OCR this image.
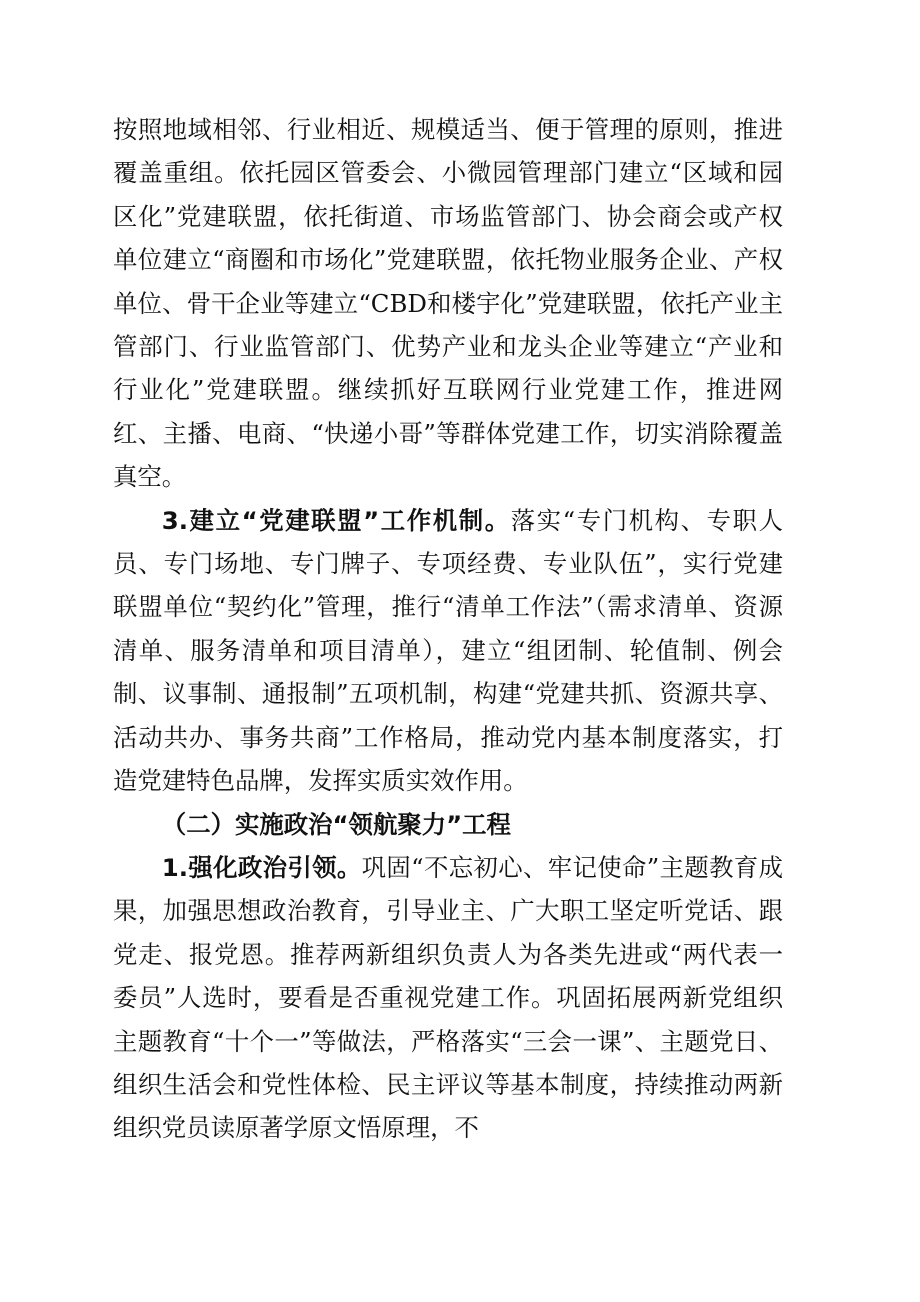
按照地域相邻、行业相近、规模适当、便于管理的原则，推进覆盖重组。依托园区管委会、小微园管理部门建立“区域和园区化”党建联盟，依托街道、市场监管部门、协会商会或产权单位建立“商圈和市场化”党建联盟，依托物业服务企业、产权单位、骨干企业等建立“CBD和楼宇化”党建联盟，依托产业主管部门、行业监管部门、优势产业和龙头企业等建立“产业和行业化”党建联盟。继续抓好互联网行业党建工作，推进网红、主播、电商、“快递小哥”等群体党建工作，切实消除覆盖真空。

3.建立“党建联盟”工作机制。落实“专门机构、专职人员、专门场地、专门牌子、专项经费、专业队伍”，实行党建联盟单位“契约化”管理，推行“清单工作法”（需求清单、资源清单、服务清单和项目清单），建立“组团制、轮值制、例会制、议事制、通报制”五项机制，构建“党建共抓、资源共享、活动共办、事务共商”工作格局，推动党内基本制度落实，打造党建特色品牌，发挥实质实效作用。

（二）实施政治“领航聚力”工程

1.强化政治引领。巩固“不忘初心、牢记使命”主题教育成果，加强思想政治教育，引导业主、广大职工坚定听党话、跟党走、报党恩。推荐两新组织负责人为各类先进或“两代表一委员”人选时，要看是否重视党建工作。巩固拓展两新党组织主题教育“十个一”等做法，严格落实“三会一课”、主题党日、组织生活会和党性体检、民主评议等基本制度，持续推动两新组织党员读原著学原文悟原理，不
